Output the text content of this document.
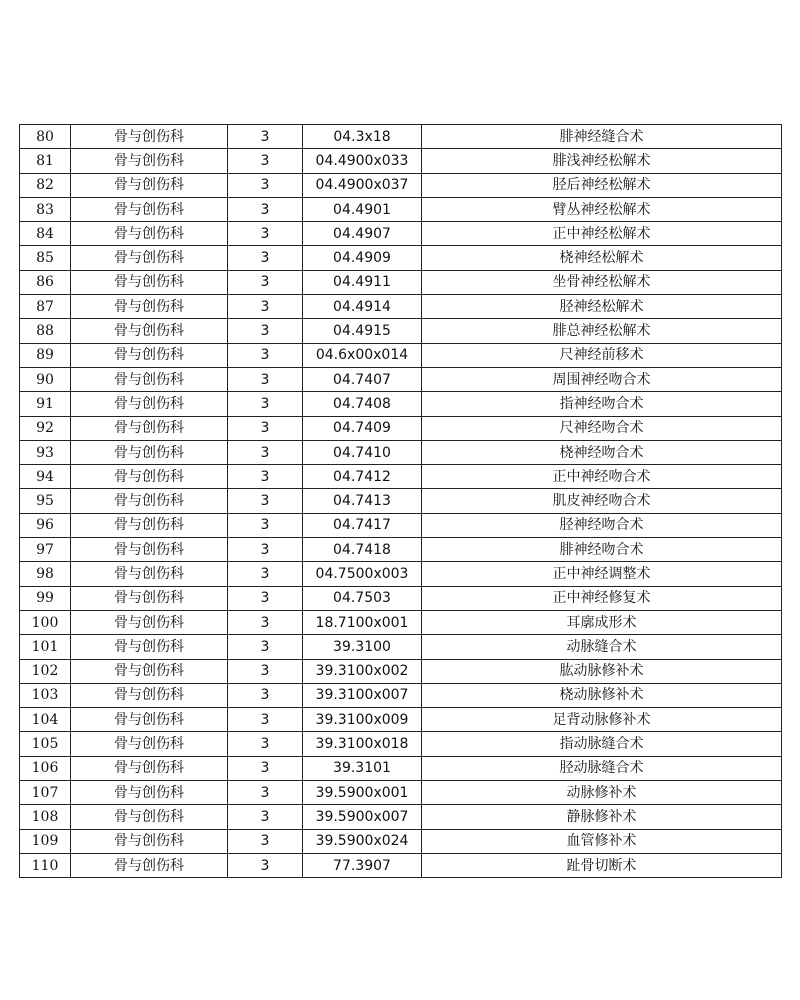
80	骨与创伤科	3	04.3x18	腓神经缝合术
81	骨与创伤科	3	04.4900x033	腓浅神经松解术
82	骨与创伤科	3	04.4900x037	胫后神经松解术
83	骨与创伤科	3	04.4901	臂丛神经松解术
84	骨与创伤科	3	04.4907	正中神经松解术
85	骨与创伤科	3	04.4909	桡神经松解术
86	骨与创伤科	3	04.4911	坐骨神经松解术
87	骨与创伤科	3	04.4914	胫神经松解术
88	骨与创伤科	3	04.4915	腓总神经松解术
89	骨与创伤科	3	04.6x00x014	尺神经前移术
90	骨与创伤科	3	04.7407	周围神经吻合术
91	骨与创伤科	3	04.7408	指神经吻合术
92	骨与创伤科	3	04.7409	尺神经吻合术
93	骨与创伤科	3	04.7410	桡神经吻合术
94	骨与创伤科	3	04.7412	正中神经吻合术
95	骨与创伤科	3	04.7413	肌皮神经吻合术
96	骨与创伤科	3	04.7417	胫神经吻合术
97	骨与创伤科	3	04.7418	腓神经吻合术
98	骨与创伤科	3	04.7500x003	正中神经调整术
99	骨与创伤科	3	04.7503	正中神经修复术
100	骨与创伤科	3	18.7100x001	耳廓成形术
101	骨与创伤科	3	39.3100	动脉缝合术
102	骨与创伤科	3	39.3100x002	肱动脉修补术
103	骨与创伤科	3	39.3100x007	桡动脉修补术
104	骨与创伤科	3	39.3100x009	足背动脉修补术
105	骨与创伤科	3	39.3100x018	指动脉缝合术
106	骨与创伤科	3	39.3101	胫动脉缝合术
107	骨与创伤科	3	39.5900x001	动脉修补术
108	骨与创伤科	3	39.5900x007	静脉修补术
109	骨与创伤科	3	39.5900x024	血管修补术
110	骨与创伤科	3	77.3907	趾骨切断术
